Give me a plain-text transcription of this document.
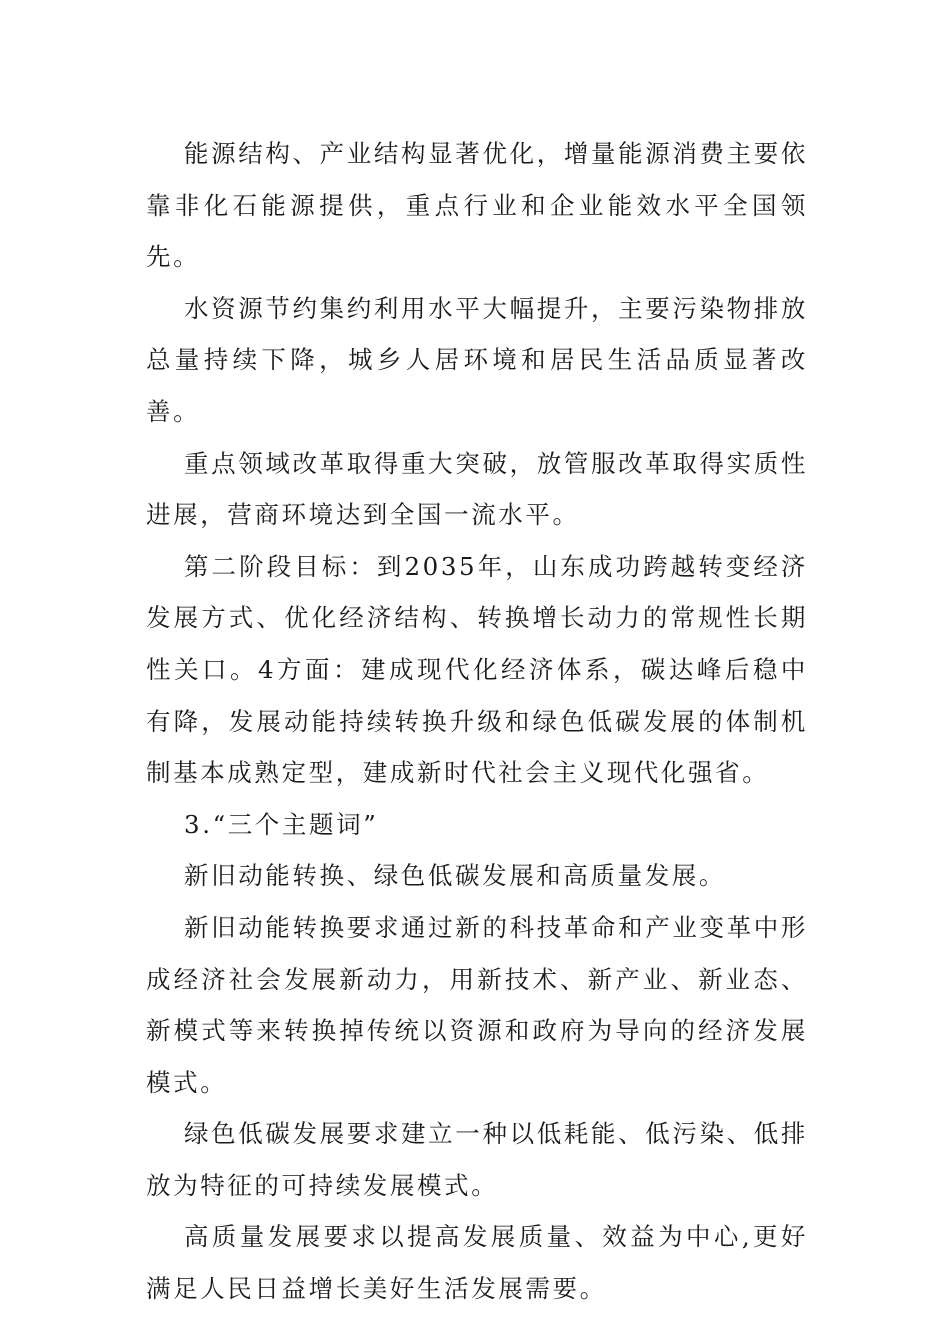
能源结构、产业结构显著优化，增量能源消费主要依靠非化石能源提供，重点行业和企业能效水平全国领先。

水资源节约集约利用水平大幅提升，主要污染物排放总量持续下降，城乡人居环境和居民生活品质显著改善。

重点领域改革取得重大突破，放管服改革取得实质性进展，营商环境达到全国一流水平。

第二阶段目标：到2035年，山东成功跨越转变经济发展方式、优化经济结构、转换增长动力的常规性长期性关口。4方面：建成现代化经济体系，碳达峰后稳中有降，发展动能持续转换升级和绿色低碳发展的体制机制基本成熟定型，建成新时代社会主义现代化强省。

3.“三个主题词”

新旧动能转换、绿色低碳发展和高质量发展。

新旧动能转换要求通过新的科技革命和产业变革中形成经济社会发展新动力，用新技术、新产业、新业态、新模式等来转换掉传统以资源和政府为导向的经济发展模式。

绿色低碳发展要求建立一种以低耗能、低污染、低排放为特征的可持续发展模式。

高质量发展要求以提高发展质量、效益为中心,更好满足人民日益增长美好生活发展需要。
